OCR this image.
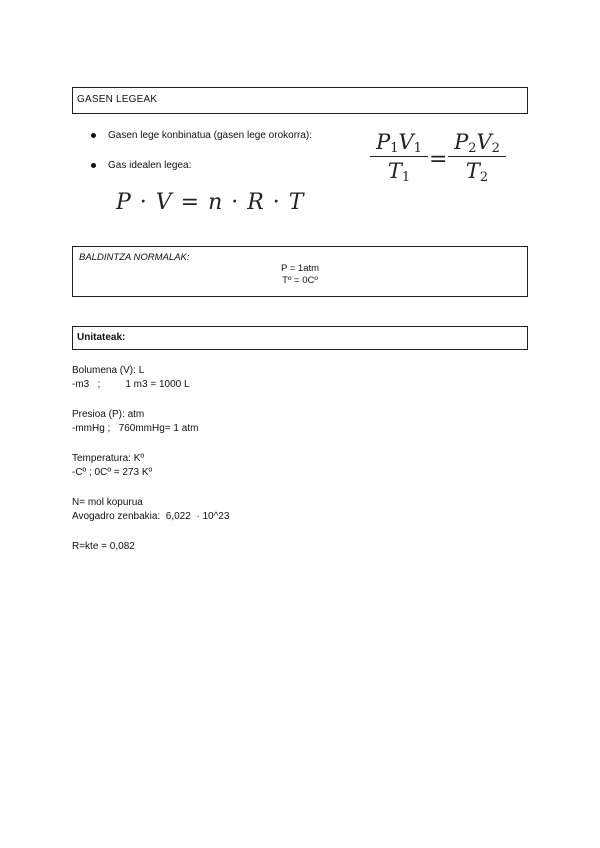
GASEN LEGEAK
Gasen lege konbinatua (gasen lege orokorra):
Gas idealen legea:
P · V = n · R · T
$\frac{P_1V_1}{T_1} = \frac{P_2V_2}{T_2}$
BALDINTZA NORMALAK:
P = 1atm
Tº = 0Cº
Unitateak:
Bolumena (V): L
-m3   ;         1 m3 = 1000 L
Presioa (P): atm
-mmHg ;   760mmHg= 1 atm
Temperatura: Kº
-Cº ; 0Cº = 273 Kº
N= mol kopurua
Avogadro zenbakia:  6,022  · 10^23
R=kte = 0,082
